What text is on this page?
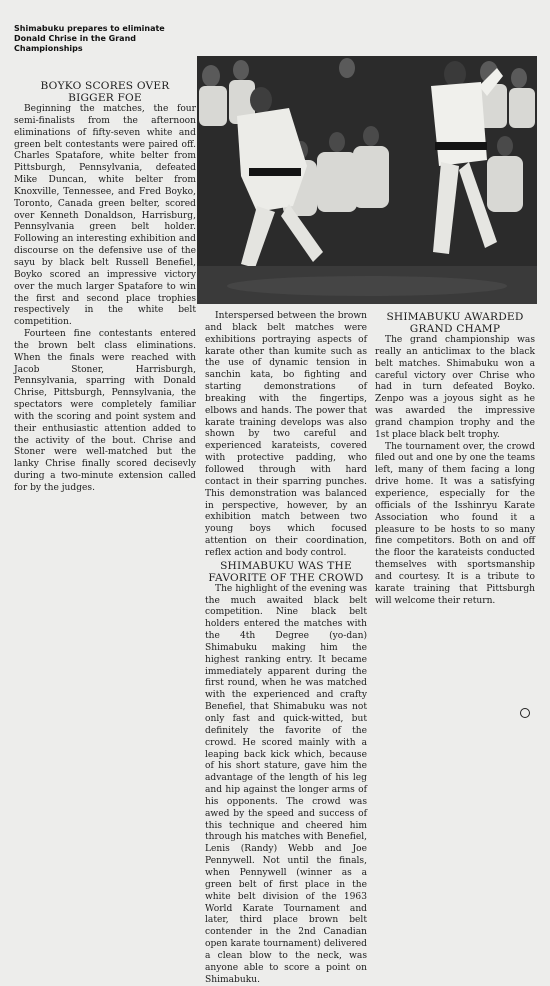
Shimabuku prepares to eliminate Donald Chrise in the Grand Championships
BOYKO SCORES OVER
BIGGER FOE

Beginning the matches, the four semi-finalists from the afternoon eliminations of fifty-seven white and green belt contestants were paired off. Charles Spatafore, white belter from Pittsburgh, Pennsylvania, defeated Mike Duncan, white belter from Knoxville, Tennessee, and Fred Boyko, Toronto, Canada green belter, scored over Kenneth Donaldson, Harrisburg, Pennsylvania green belt holder. Following an interesting exhibition and discourse on the defensive use of the sayu by black belt Russell Benefiel, Boyko scored an impressive victory over the much larger Spatafore to win the first and second place trophies respectively in the white belt competition.

Fourteen fine contestants entered the brown belt class eliminations. When the finals were reached with Jacob Stoner, Harrisburgh, Pennsylvania, sparring with Donald Chrise, Pittsburgh, Pennsylvania, the spectators were completely familiar with the scoring and point system and their enthusiastic attention added to the activity of the bout. Chrise and Stoner were well-matched but the lanky Chrise finally scored decisevly during a two-minute extension called for by the judges.

Interspersed between the brown and black belt matches were exhibitions portraying aspects of karate other than kumite such as the use of dynamic tension in sanchin kata, bo fighting and starting demonstrations of breaking with the fingertips, elbows and hands. The power that karate training develops was also shown by two careful and experienced karateists, covered with protective padding, who followed through with hard contact in their sparring punches. This demonstration was balanced in perspective, however, by an exhibition match between two young boys which focused attention on their coordination, reflex action and body control.

SHIMABUKU WAS THE
FAVORITE OF THE CROWD

The highlight of the evening was the much awaited black belt competition. Nine black belt holders entered the matches with the 4th Degree (yo-dan) Shimabuku making him the highest ranking entry. It became immediately apparent during the first round, when he was matched with the experienced and crafty Benefiel, that Shimabuku was not only fast and quick-witted, but definitely the favorite of the crowd. He scored mainly with a leaping back kick which, because of his short stature, gave him the advantage of the length of his leg and hip against the longer arms of his opponents. The crowd was awed by the speed and success of this technique and cheered him through his matches with Benefiel, Lenis (Randy) Webb and Joe Pennywell. Not until the finals, when Pennywell (winner as a green belt of first place in the white belt division of the 1963 World Karate Tournament and later, third place brown belt contender in the 2nd Canadian open karate tournament) delivered a clean blow to the neck, was anyone able to score a point on Shimabuku.

SHIMABUKU AWARDED
GRAND CHAMP

The grand championship was really an anticlimax to the black belt matches. Shimabuku won a careful victory over Chrise who had in turn defeated Boyko. Zenpo was a joyous sight as he was awarded the impressive grand champion trophy and the 1st place black belt trophy.

The tournament over, the crowd filed out and one by one the teams left, many of them facing a long drive home. It was a satisfying experience, especially for the officials of the Isshinryu Karate Association who found it a pleasure to be hosts to so many fine competitors. Both on and off the floor the karateists conducted themselves with sportsmanship and courtesy. It is a tribute to karate training that Pittsburgh will welcome their return.
